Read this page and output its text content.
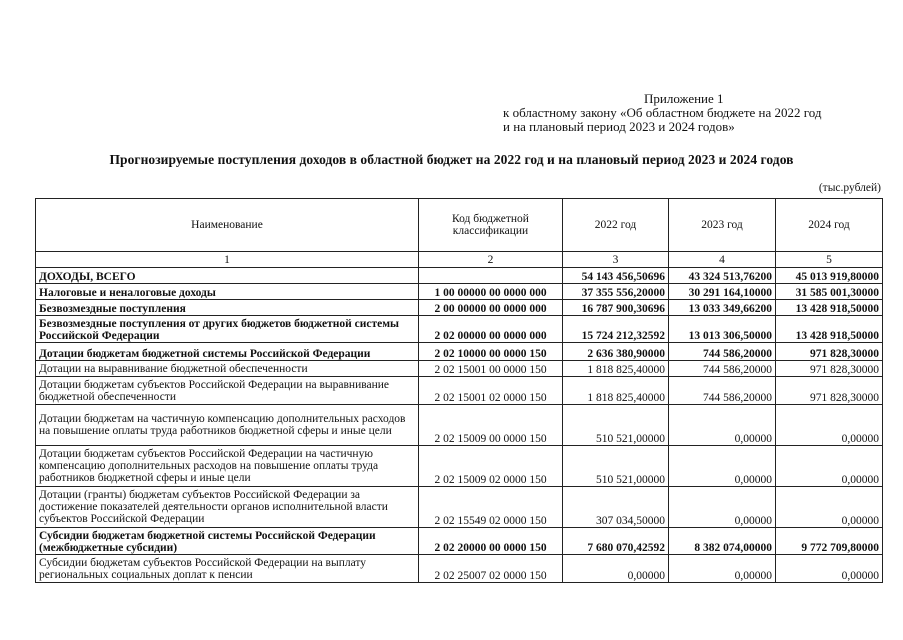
Приложение 1
к областному закону «Об областном бюджете на 2022 год
и на плановый период 2023 и 2024 годов»
Прогнозируемые поступления доходов в областной бюджет на 2022 год и на плановый период 2023 и 2024 годов
(тыс.рублей)
Наименование	Код бюджетной классификации	2022 год	2023 год	2024 год
1	2	3	4	5
ДОХОДЫ, ВСЕГО		54 143 456,50696	43 324 513,76200	45 013 919,80000
Налоговые и неналоговые доходы	1 00 00000 00 0000 000	37 355 556,20000	30 291 164,10000	31 585 001,30000
Безвозмездные поступления	2 00 00000 00 0000 000	16 787 900,30696	13 033 349,66200	13 428 918,50000
Безвозмездные поступления от других бюджетов бюджетной системы Российской Федерации	2 02 00000 00 0000 000	15 724 212,32592	13 013 306,50000	13 428 918,50000
Дотации бюджетам бюджетной системы Российской Федерации	2 02 10000 00 0000 150	2 636 380,90000	744 586,20000	971 828,30000
Дотации на выравнивание бюджетной обеспеченности	2 02 15001 00 0000 150	1 818 825,40000	744 586,20000	971 828,30000
Дотации бюджетам субъектов Российской Федерации на выравнивание бюджетной обеспеченности	2 02 15001 02 0000 150	1 818 825,40000	744 586,20000	971 828,30000
Дотации бюджетам на частичную компенсацию дополнительных расходов на повышение оплаты труда работников бюджетной сферы и иные цели	2 02 15009 00 0000 150	510 521,00000	0,00000	0,00000
Дотации бюджетам субъектов Российской Федерации на частичную компенсацию дополнительных расходов на повышение оплаты труда работников бюджетной сферы и иные цели	2 02 15009 02 0000 150	510 521,00000	0,00000	0,00000
Дотации (гранты) бюджетам субъектов Российской Федерации за достижение показателей деятельности органов исполнительной власти субъектов Российской Федерации	2 02 15549 02 0000 150	307 034,50000	0,00000	0,00000
Субсидии бюджетам бюджетной системы Российской Федерации (межбюджетные субсидии)	2 02 20000 00 0000 150	7 680 070,42592	8 382 074,00000	9 772 709,80000
Субсидии бюджетам субъектов Российской Федерации на выплату региональных социальных доплат к пенсии	2 02 25007 02 0000 150	0,00000	0,00000	0,00000
